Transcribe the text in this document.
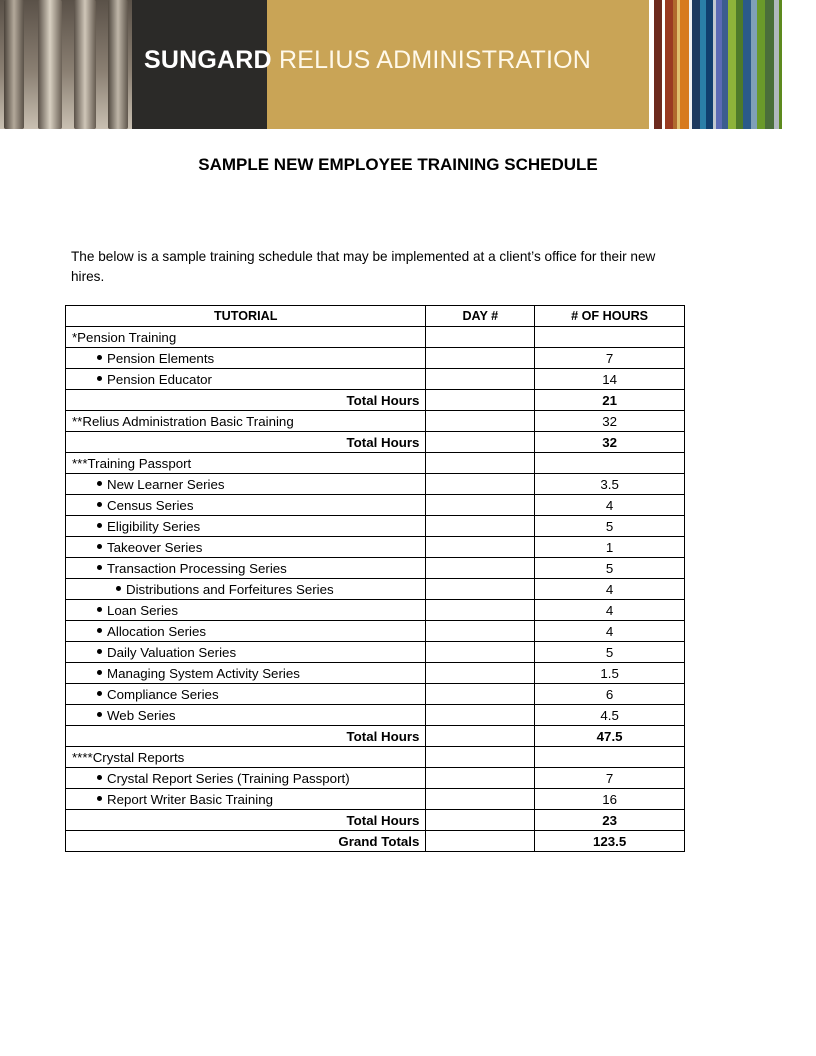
SUNGARD RELIUS ADMINISTRATION
SAMPLE NEW EMPLOYEE TRAINING SCHEDULE
The below is a sample training schedule that may be implemented at a client’s office for their new hires.
TUTORIAL	DAY #	# OF HOURS
*Pension Training		
Pension Elements		7
Pension Educator		14
Total Hours		21
**Relius Administration Basic Training		32
Total Hours		32
***Training Passport		
New Learner Series		3.5
Census Series		4
Eligibility Series		5
Takeover Series		1
Transaction Processing Series		5
Distributions and Forfeitures Series		4
Loan Series		4
Allocation Series		4
Daily Valuation Series		5
Managing System Activity Series		1.5
Compliance Series		6
Web Series		4.5
Total Hours		47.5
****Crystal Reports		
Crystal Report Series (Training Passport)		7
Report Writer Basic Training		16
Total Hours		23
Grand Totals		123.5
